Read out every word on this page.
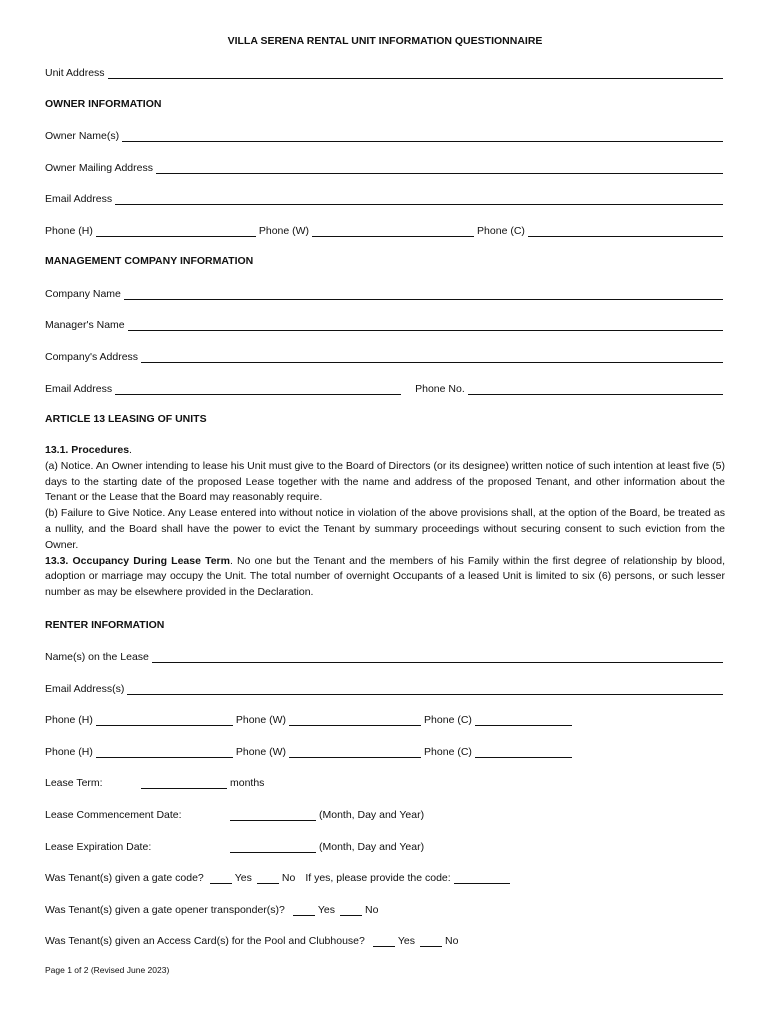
VILLA SERENA RENTAL UNIT INFORMATION QUESTIONNAIRE
Unit Address
OWNER INFORMATION
Owner Name(s)
Owner Mailing Address
Email Address
Phone (H)	Phone (W)	Phone (C)
MANAGEMENT COMPANY INFORMATION
Company Name
Manager's Name
Company's Address
Email Address	Phone No.
ARTICLE 13 LEASING OF UNITS

13.1. Procedures.

(a) Notice. An Owner intending to lease his Unit must give to the Board of Directors (or its designee) written notice of such intention at least five (5) days to the starting date of the proposed Lease together with the name and address of the proposed Tenant, and other information about the Tenant or the Lease that the Board may reasonably require.

(b) Failure to Give Notice. Any Lease entered into without notice in violation of the above provisions shall, at the option of the Board, be treated as a nullity, and the Board shall have the power to evict the Tenant by summary proceedings without securing consent to such eviction from the Owner.

13.3. Occupancy During Lease Term. No one but the Tenant and the members of his Family within the first degree of relationship by blood, adoption or marriage may occupy the Unit. The total number of overnight Occupants of a leased Unit is limited to six (6) persons, or such lesser number as may be elsewhere provided in the Declaration.

RENTER INFORMATION
Name(s) on the Lease
Email Address(s)
Phone (H)	Phone (W)	Phone (C)
Phone (H)	Phone (W)	Phone (C)
Lease Term:	months
Lease Commencement Date:	(Month, Day and Year)
Lease Expiration Date:	(Month, Day and Year)
Was Tenant(s) given a gate code?	Yes	No If yes, please provide the code:
Was Tenant(s) given a gate opener transponder(s)?	Yes	No
Was Tenant(s) given an Access Card(s) for the Pool and Clubhouse?	Yes	No
Page 1 of 2 (Revised June 2023)
